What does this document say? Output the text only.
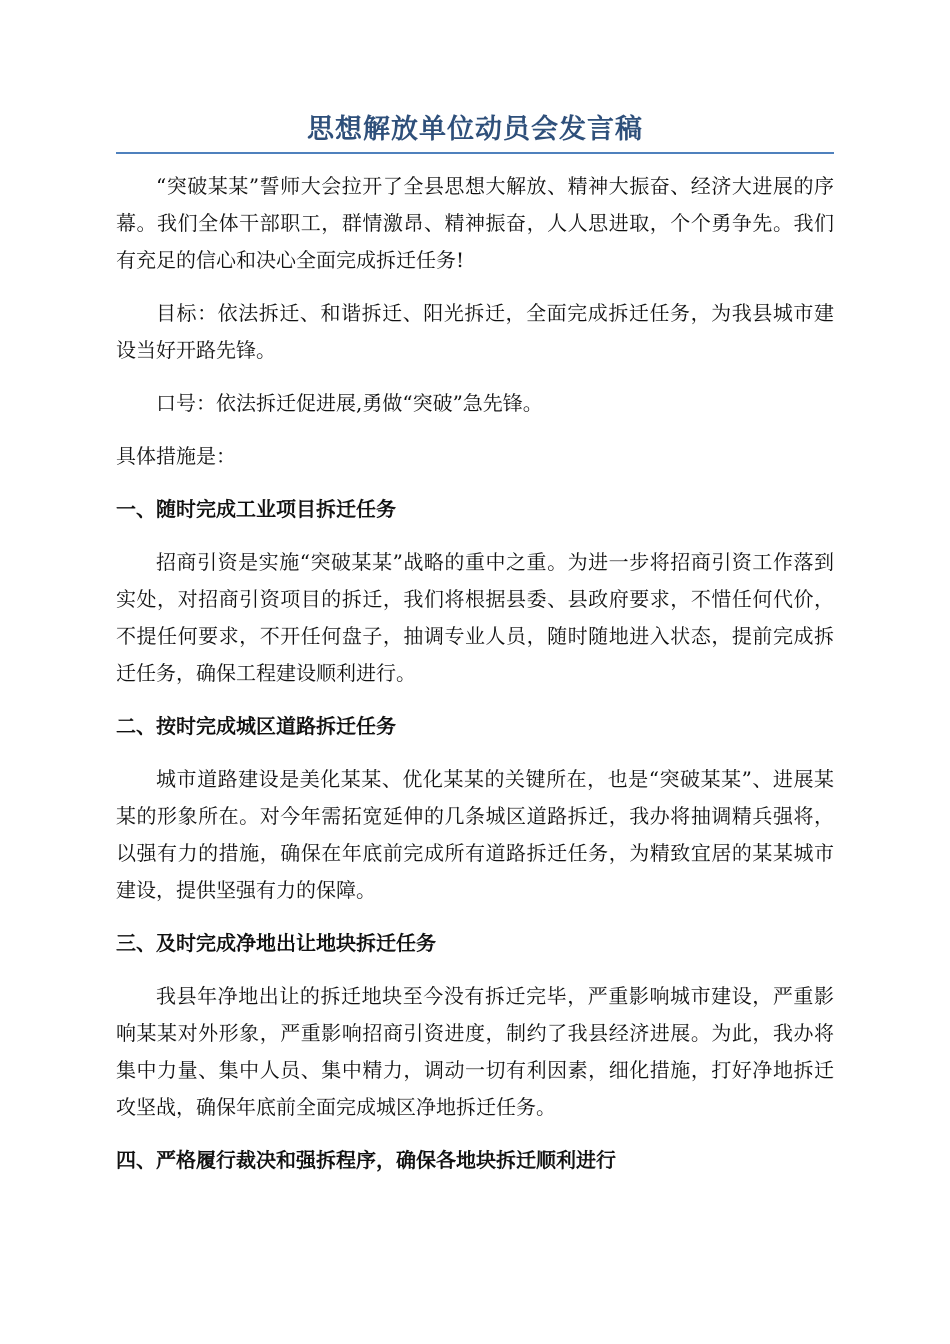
思想解放单位动员会发言稿

“突破某某”誓师大会拉开了全县思想大解放、精神大振奋、经济大进展的序幕。我们全体干部职工，群情激昂、精神振奋，人人思进取，个个勇争先。我们有充足的信心和决心全面完成拆迁任务!

目标：依法拆迁、和谐拆迁、阳光拆迁，全面完成拆迁任务，为我县城市建设当好开路先锋。

口号：依法拆迁促进展,勇做“突破”急先锋。

具体措施是：

一、随时完成工业项目拆迁任务

招商引资是实施“突破某某”战略的重中之重。为进一步将招商引资工作落到实处，对招商引资项目的拆迁，我们将根据县委、县政府要求，不惜任何代价，不提任何要求，不开任何盘子，抽调专业人员，随时随地进入状态，提前完成拆迁任务，确保工程建设顺利进行。

二、按时完成城区道路拆迁任务

城市道路建设是美化某某、优化某某的关键所在，也是“突破某某”、进展某某的形象所在。对今年需拓宽延伸的几条城区道路拆迁，我办将抽调精兵强将，以强有力的措施，确保在年底前完成所有道路拆迁任务，为精致宜居的某某城市建设，提供坚强有力的保障。

三、及时完成净地出让地块拆迁任务

我县年净地出让的拆迁地块至今没有拆迁完毕，严重影响城市建设，严重影响某某对外形象，严重影响招商引资进度，制约了我县经济进展。为此，我办将集中力量、集中人员、集中精力，调动一切有利因素，细化措施，打好净地拆迁攻坚战，确保年底前全面完成城区净地拆迁任务。

四、严格履行裁决和强拆程序，确保各地块拆迁顺利进行
